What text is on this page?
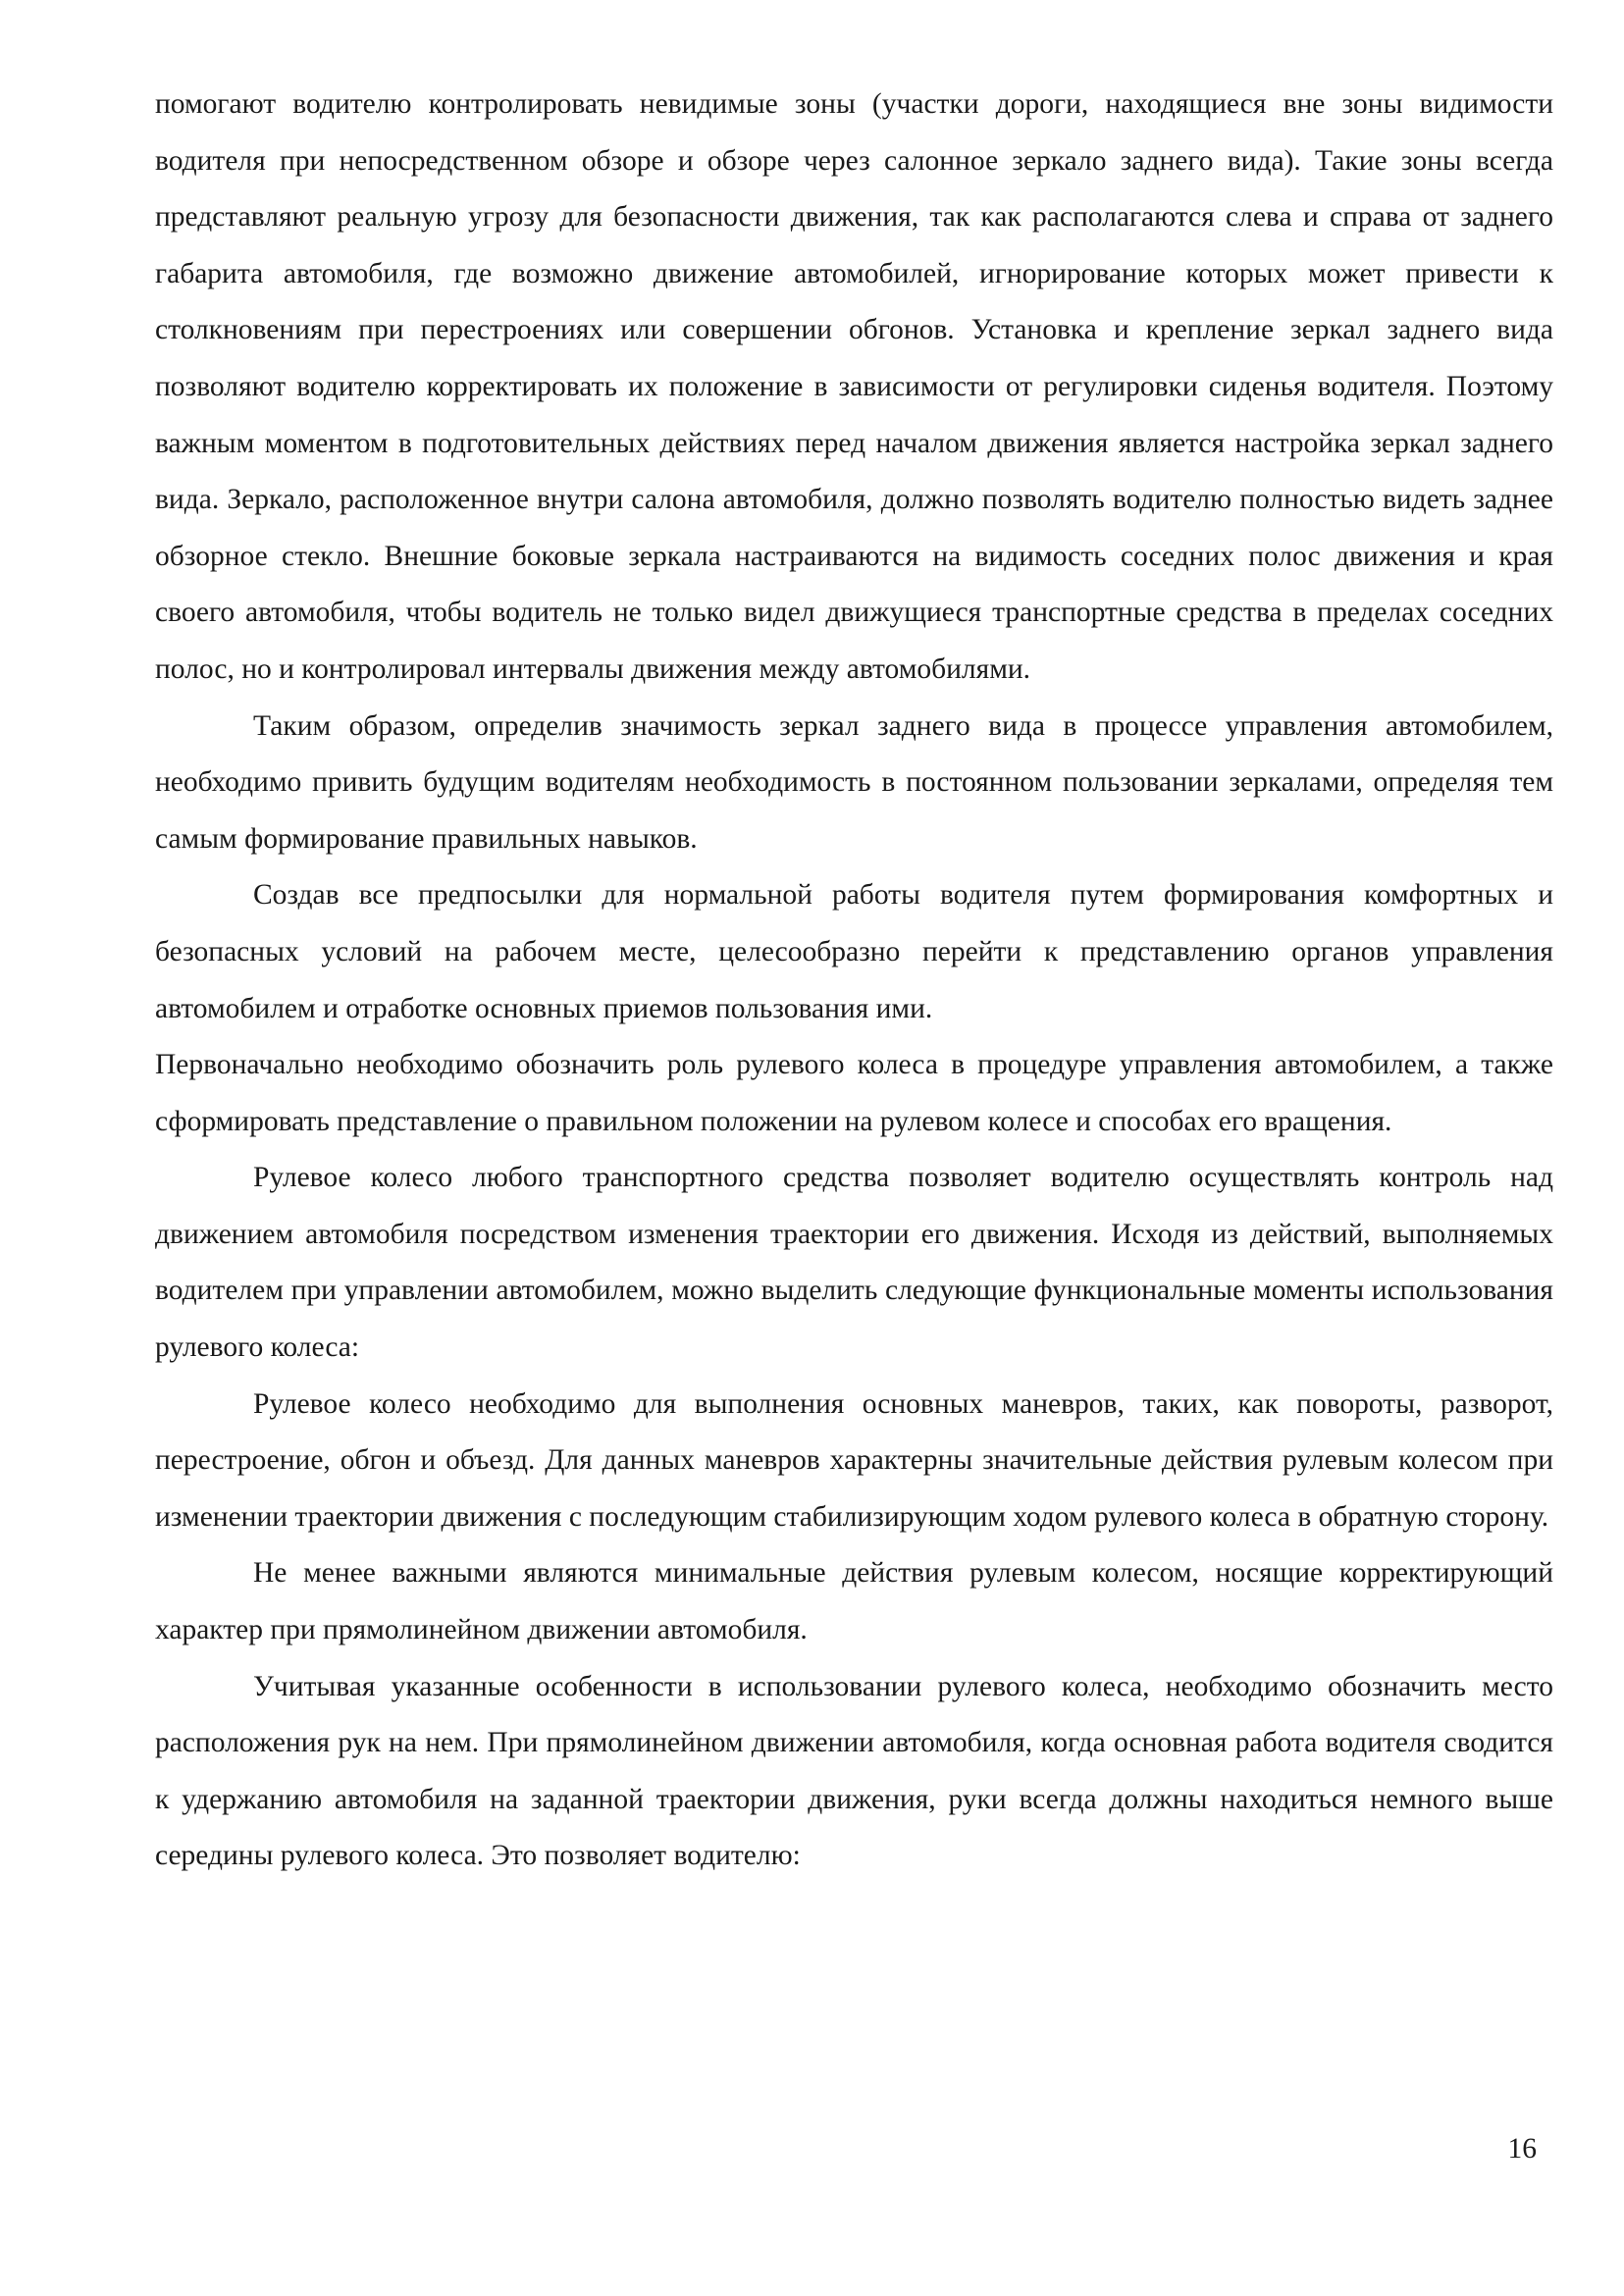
помогают водителю контролировать невидимые зоны (участки дороги, находящиеся вне зоны видимости водителя при непосредственном обзоре и обзоре через салонное зеркало заднего вида). Такие зоны всегда представляют реальную угрозу для безопасности движения, так как располагаются слева и справа от заднего габарита автомобиля, где возможно движение автомобилей, игнорирование которых может привести к столкновениям при перестроениях или совершении обгонов. Установка и крепление зеркал заднего вида позволяют водителю корректировать их положение в зависимости от регулировки сиденья водителя. Поэтому важным моментом в подготовительных действиях перед началом движения является настройка зеркал заднего вида. Зеркало, расположенное внутри салона автомобиля, должно позволять водителю полностью видеть заднее обзорное стекло. Внешние боковые зеркала настраиваются на видимость соседних полос движения и края своего автомобиля, чтобы водитель не только видел движущиеся транспортные средства в пределах соседних полос, но и контролировал интервалы движения между автомобилями.

Таким образом, определив значимость зеркал заднего вида в процессе управления автомобилем, необходимо привить будущим водителям необходимость в постоянном пользовании зеркалами, определяя тем самым формирование правильных навыков.

Создав все предпосылки для нормальной работы водителя путем формирования комфортных и безопасных условий на рабочем месте, целесообразно перейти к представлению органов управления автомобилем и отработке основных приемов пользования ими.

Первоначально необходимо обозначить роль рулевого колеса в процедуре управления автомобилем, а также сформировать представление о правильном положении на рулевом колесе и способах его вращения.

Рулевое колесо любого транспортного средства позволяет водителю осуществлять контроль над движением автомобиля посредством изменения траектории его движения. Исходя из действий, выполняемых водителем при управлении автомобилем, можно выделить следующие функциональные моменты использования рулевого колеса:

Рулевое колесо необходимо для выполнения основных маневров, таких, как повороты, разворот, перестроение, обгон и объезд. Для данных маневров характерны значительные действия рулевым колесом при изменении траектории движения с последующим стабилизирующим ходом рулевого колеса в обратную сторону.

Не менее важными являются минимальные действия рулевым колесом, носящие корректирующий характер при прямолинейном движении автомобиля.

Учитывая указанные особенности в использовании рулевого колеса, необходимо обозначить место расположения рук на нем. При прямолинейном движении автомобиля, когда основная работа водителя сводится к удержанию автомобиля на заданной траектории движения, руки всегда должны находиться немного выше середины рулевого колеса. Это позволяет водителю:

16
